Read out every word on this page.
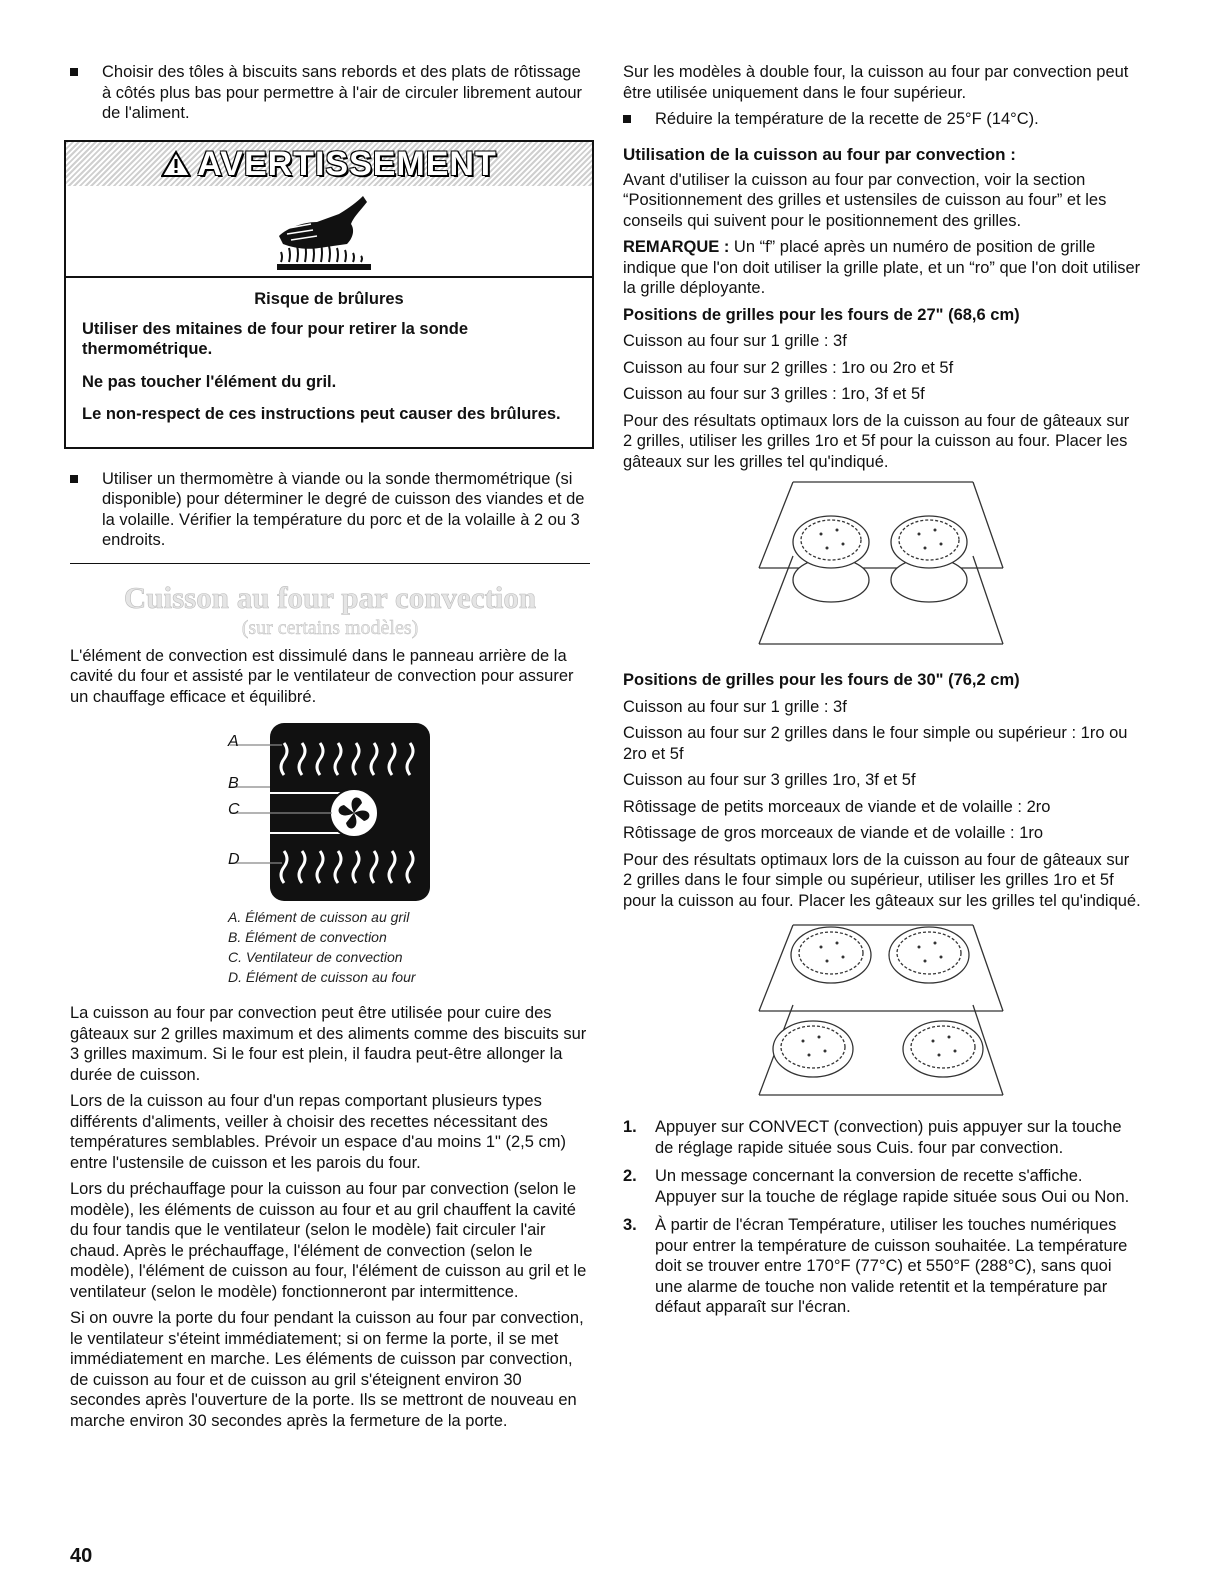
Choisir des tôles à biscuits sans rebords et des plats de rôtissage à côtés plus bas pour permettre à l'air de circuler librement autour de l'aliment.
AVERTISSEMENT
Risque de brûlures

Utiliser des mitaines de four pour retirer la sonde thermométrique.

Ne pas toucher l'élément du gril.

Le non-respect de ces instructions peut causer des brûlures.

Utiliser un thermomètre à viande ou la sonde thermométrique (si disponible) pour déterminer le degré de cuisson des viandes et de la volaille. Vérifier la température du porc et de la volaille à 2 ou 3 endroits.
Cuisson au four par convection
(sur certains modèles)

L'élément de convection est dissimulé dans le panneau arrière de la cavité du four et assisté par le ventilateur de convection pour assurer un chauffage efficace et équilibré.

A
B
C
D
A. Élément de cuisson au gril
B. Élément de convection
C. Ventilateur de convection
D. Élément de cuisson au four

La cuisson au four par convection peut être utilisée pour cuire des gâteaux sur 2 grilles maximum et des aliments comme des biscuits sur 3 grilles maximum. Si le four est plein, il faudra peut-être allonger la durée de cuisson.

Lors de la cuisson au four d'un repas comportant plusieurs types différents d'aliments, veiller à choisir des recettes nécessitant des températures semblables. Prévoir un espace d'au moins 1" (2,5 cm) entre l'ustensile de cuisson et les parois du four.

Lors du préchauffage pour la cuisson au four par convection (selon le modèle), les éléments de cuisson au four et au gril chauffent la cavité du four tandis que le ventilateur (selon le modèle) fait circuler l'air chaud. Après le préchauffage, l'élément de convection (selon le modèle), l'élément de cuisson au four, l'élément de cuisson au gril et le ventilateur (selon le modèle) fonctionneront par intermittence.

Si on ouvre la porte du four pendant la cuisson au four par convection, le ventilateur s'éteint immédiatement; si on ferme la porte, il se met immédiatement en marche. Les éléments de cuisson par convection, de cuisson au four et de cuisson au gril s'éteignent environ 30 secondes après l'ouverture de la porte. Ils se mettront de nouveau en marche environ 30 secondes après la fermeture de la porte.

Sur les modèles à double four, la cuisson au four par convection peut être utilisée uniquement dans le four supérieur.

Réduire la température de la recette de 25°F (14°C).
Utilisation de la cuisson au four par convection :

Avant d'utiliser la cuisson au four par convection, voir la section “Positionnement des grilles et ustensiles de cuisson au four” et les conseils qui suivent pour le positionnement des grilles.

REMARQUE : Un “f” placé après un numéro de position de grille indique que l'on doit utiliser la grille plate, et un “ro” que l'on doit utiliser la grille déployante.

Positions de grilles pour les fours de 27" (68,6 cm)

Cuisson au four sur 1 grille : 3f

Cuisson au four sur 2 grilles : 1ro ou 2ro et 5f

Cuisson au four sur 3 grilles : 1ro, 3f et 5f

Pour des résultats optimaux lors de la cuisson au four de gâteaux sur 2 grilles, utiliser les grilles 1ro et 5f pour la cuisson au four. Placer les gâteaux sur les grilles tel qu'indiqué.

Positions de grilles pour les fours de 30" (76,2 cm)

Cuisson au four sur 1 grille : 3f

Cuisson au four sur 2 grilles dans le four simple ou supérieur : 1ro ou 2ro et 5f

Cuisson au four sur 3 grilles 1ro, 3f et 5f

Rôtissage de petits morceaux de viande et de volaille : 2ro

Rôtissage de gros morceaux de viande et de volaille : 1ro

Pour des résultats optimaux lors de la cuisson au four de gâteaux sur 2 grilles dans le four simple ou supérieur, utiliser les grilles 1ro et 5f pour la cuisson au four. Placer les gâteaux sur les grilles tel qu'indiqué.

1. Appuyer sur CONVECT (convection) puis appuyer sur la touche de réglage rapide située sous Cuis. four par convection.
2. Un message concernant la conversion de recette s'affiche. Appuyer sur la touche de réglage rapide située sous Oui ou Non.
3. À partir de l'écran Température, utiliser les touches numériques pour entrer la température de cuisson souhaitée. La température doit se trouver entre 170°F (77°C) et 550°F (288°C), sans quoi une alarme de touche non valide retentit et la température par défaut apparaît sur l'écran.
40
